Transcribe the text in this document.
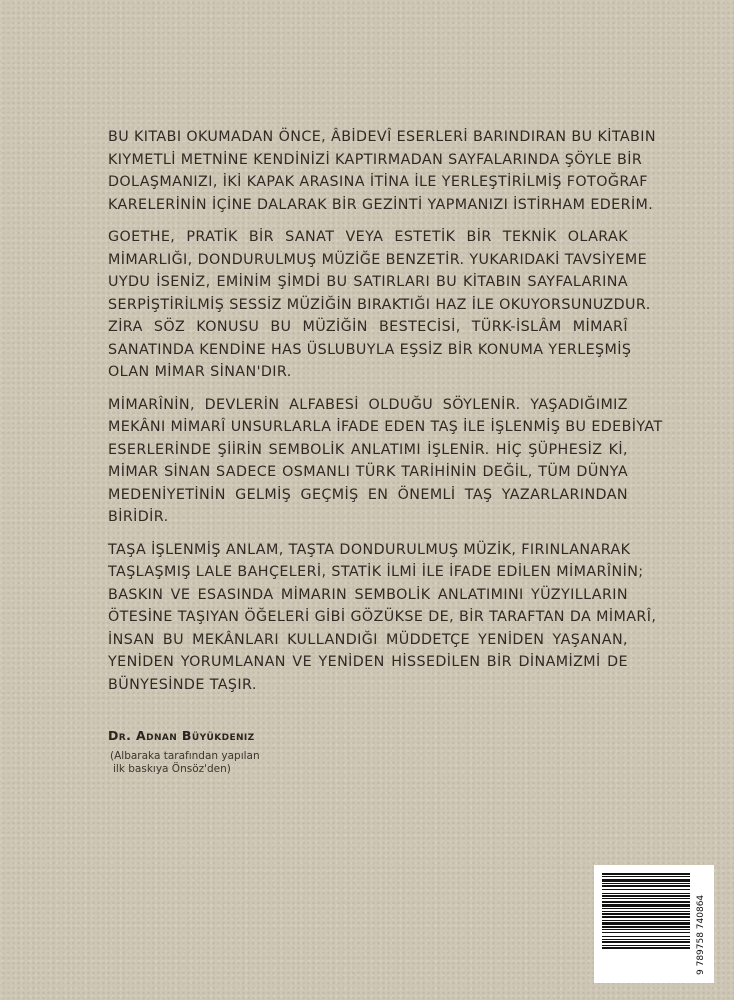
BU KITABI OKUMADAN ÖNCE, ÂBİDEVÎ ESERLERİ BARINDIRAN BU KİTABIN
KIYMETLİ METNİNE KENDİNİZİ KAPTIRMADAN SAYFALARINDA ŞÖYLE BİR
DOLAŞMANIZI, İKİ KAPAK ARASINA İTİNA İLE YERLEŞTİRİLMİŞ FOTOĞRAF
KARELERİNİN İÇİNE DALARAK BİR GEZİNTİ YAPMANIZI İSTİRHAM EDERİM.
GOETHE, PRATİK BİR SANAT VEYA ESTETİK BİR TEKNİK OLARAK
MİMARLIĞI, DONDURULMUŞ MÜZİĞE BENZETİR. YUKARIDAKİ TAVSİYEME
UYDU İSENİZ, EMİNİM ŞİMDİ BU SATIRLARI BU KİTABIN SAYFALARINA
SERPİŞTİRİLMİŞ SESSİZ MÜZİĞİN BIRAKTIĞI HAZ İLE OKUYORSUNUZDUR.
ZİRA SÖZ KONUSU BU MÜZİĞİN BESTECİSİ, TÜRK-İSLÂM MİMARÎ
SANATINDA KENDİNE HAS ÜSLUBUYLA EŞSİZ BİR KONUMA YERLEŞMİŞ
OLAN MİMAR SİNAN'DIR.
MİMARÎNİN, DEVLERİN ALFABESİ OLDUĞU SÖYLENİR. YAŞADIĞIMIZ
MEKÂNI MİMARÎ UNSURLARLA İFADE EDEN TAŞ İLE İŞLENMİŞ BU EDEBİYAT
ESERLERİNDE ŞİİRİN SEMBOLİK ANLATIMI İŞLENİR. HİÇ ŞÜPHESİZ Kİ,
MİMAR SİNAN SADECE OSMANLI TÜRK TARİHİNİN DEĞİL, TÜM DÜNYA
MEDENİYETİNİN GELMİŞ GEÇMİŞ EN ÖNEMLİ TAŞ YAZARLARINDAN
BİRİDİR.
TAŞA İŞLENMİŞ ANLAM, TAŞTA DONDURULMUŞ MÜZİK, FIRINLANARAK
TAŞLAŞMIŞ LALE BAHÇELERİ, STATİK İLMİ İLE İFADE EDİLEN MİMARÎNİN;
BASKIN VE ESASINDA MİMARIN SEMBOLİK ANLATIMINI YÜZYILLARIN
ÖTESİNE TAŞIYAN ÖĞELERİ GİBİ GÖZÜKSE DE, BİR TARAFTAN DA MİMARÎ,
İNSAN BU MEKÂNLARI KULLANDIĞI MÜDDETÇE YENİDEN YAŞANAN,
YENİDEN YORUMLANAN VE YENİDEN HİSSEDİLEN BİR DİNAMİZMİ DE
BÜNYESİNDE TAŞIR.
Dr. Adnan Büyükdeniz
(Albaraka tarafından yapılan
ilk baskıya Önsöz'den)
9 789758 740864
